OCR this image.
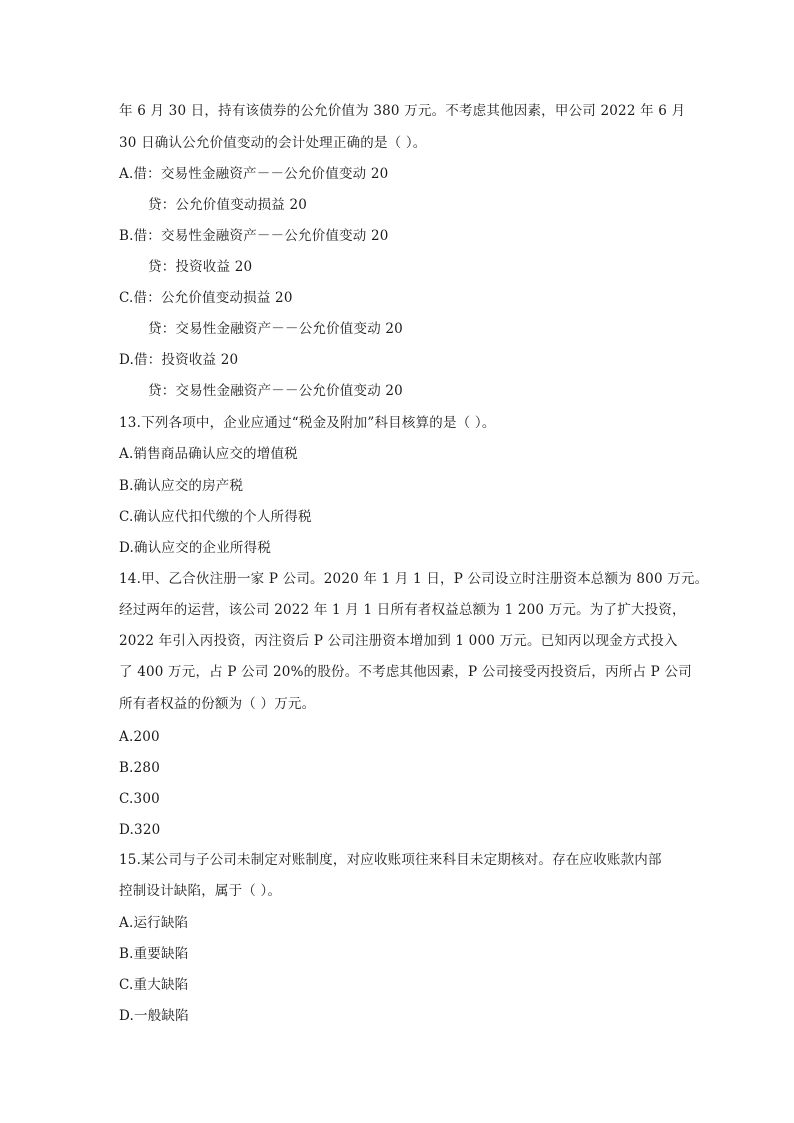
年 6 月 30 日，持有该债券的公允价值为 380 万元。不考虑其他因素，甲公司 2022 年 6 月
30 日确认公允价值变动的会计处理正确的是（ ）。
A.借：交易性金融资产－－公允价值变动 20
贷：公允价值变动损益 20
B.借：交易性金融资产－－公允价值变动 20
贷：投资收益 20
C.借：公允价值变动损益 20
贷：交易性金融资产－－公允价值变动 20
D.借：投资收益 20
贷：交易性金融资产－－公允价值变动 20
13.下列各项中，企业应通过“税金及附加”科目核算的是（ ）。
A.销售商品确认应交的增值税
B.确认应交的房产税
C.确认应代扣代缴的个人所得税
D.确认应交的企业所得税
14.甲、乙合伙注册一家 P 公司。2020 年 1 月 1 日，P 公司设立时注册资本总额为 800 万元。
经过两年的运营，该公司 2022 年 1 月 1 日所有者权益总额为 1 200 万元。为了扩大投资，
2022 年引入丙投资，丙注资后 P 公司注册资本增加到 1 000 万元。已知丙以现金方式投入
了 400 万元，占 P 公司 20%的股份。不考虑其他因素，P 公司接受丙投资后，丙所占 P 公司
所有者权益的份额为（ ）万元。
A.200
B.280
C.300
D.320
15.某公司与子公司未制定对账制度，对应收账项往来科目未定期核对。存在应收账款内部
控制设计缺陷，属于（ ）。
A.运行缺陷
B.重要缺陷
C.重大缺陷
D.一般缺陷
